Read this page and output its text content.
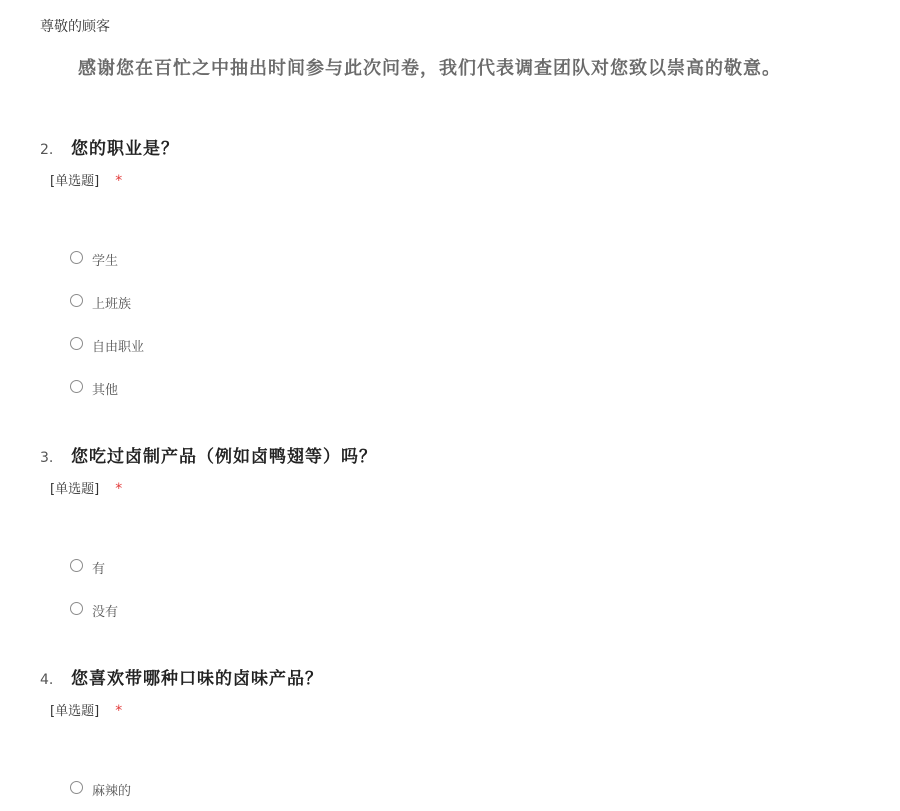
尊敬的顾客
感谢您在百忙之中抽出时间参与此次问卷，我们代表调查团队对您致以崇高的敬意。
2.	您的职业是？
[单选题] *
学生
上班族
自由职业
其他
3.	您吃过卤制产品（例如卤鸭翅等）吗？
[单选题] *
有
没有
4.	您喜欢带哪种口味的卤味产品？
[单选题] *
麻辣的
